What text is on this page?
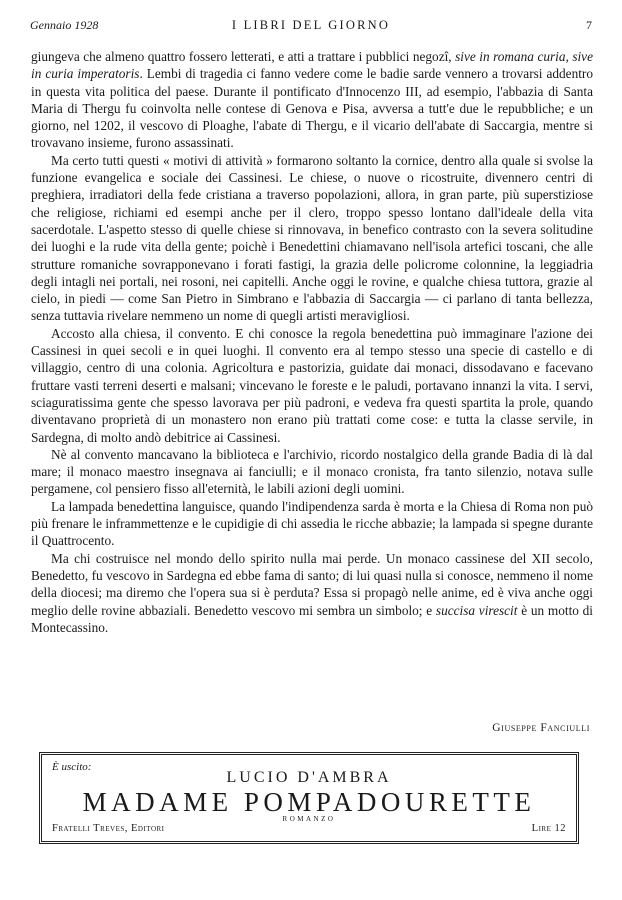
Gennaio 1928	I LIBRI DEL GIORNO	7

giungeva che almeno quattro fossero letterati, e atti a trattare i pubblici negozî, sive in romana curia, sive in curia imperatoris. Lembi di tragedia ci fanno vedere come le badie sarde vennero a trovarsi addentro in questa vita politica del paese. Durante il pontificato d'Innocenzo III, ad esempio, l'abbazia di Santa Maria di Thergu fu coinvolta nelle contese di Genova e Pisa, avversa a tutt'e due le repubbliche; e un giorno, nel 1202, il vescovo di Ploaghe, l'abate di Thergu, e il vicario dell'abate di Saccargia, mentre si trovavano insieme, furono assassinati.

Ma certo tutti questi « motivi di attività » formarono soltanto la cornice, dentro alla quale si svolse la funzione evangelica e sociale dei Cassinesi. Le chiese, o nuove o ricostruite, divennero centri di preghiera, irradiatori della fede cristiana a traverso popolazioni, allora, in gran parte, più superstiziose che religiose, richiami ed esempi anche per il clero, troppo spesso lontano dall'ideale della vita sacerdotale. L'aspetto stesso di quelle chiese si rinnovava, in benefico contrasto con la severa solitudine dei luoghi e la rude vita della gente; poichè i Benedettini chiamavano nell'isola artefici toscani, che alle strutture romaniche sovrapponevano i forati fastigi, la grazia delle policrome colonnine, la leggiadria degli intagli nei portali, nei rosoni, nei capitelli. Anche oggi le rovine, e qualche chiesa tuttora, grazie al cielo, in piedi — come San Pietro in Simbrano e l'abbazia di Saccargia — ci parlano di tanta bellezza, senza tuttavia rivelare nemmeno un nome di quegli artisti meravigliosi.

Accosto alla chiesa, il convento. E chi conosce la regola benedettina può immaginare l'azione dei Cassinesi in quei secoli e in quei luoghi. Il convento era al tempo stesso una specie di castello e di villaggio, centro di una colonia. Agricoltura e pastorizia, guidate dai monaci, dissodavano e facevano fruttare vasti terreni deserti e malsani; vincevano le foreste e le paludi, portavano innanzi la vita. I servi, sciaguratissima gente che spesso lavorava per più padroni, e vedeva fra questi spartita la prole, quando diventavano proprietà di un monastero non erano più trattati come cose: e tutta la classe servile, in Sardegna, di molto andò debitrice ai Cassinesi.

Nè al convento mancavano la biblioteca e l'archivio, ricordo nostalgico della grande Badia di là dal mare; il monaco maestro insegnava ai fanciulli; e il monaco cronista, fra tanto silenzio, notava sulle pergamene, col pensiero fisso all'eternità, le labili azioni degli uomini.

La lampada benedettina languisce, quando l'indipendenza sarda è morta e la Chiesa di Roma non può più frenare le inframmettenze e le cupidigie di chi assedia le ricche abbazie; la lampada si spegne durante il Quattrocento.

Ma chi costruisce nel mondo dello spirito nulla mai perde. Un monaco cassinese del XII secolo, Benedetto, fu vescovo in Sardegna ed ebbe fama di santo; di lui quasi nulla si conosce, nemmeno il nome della diocesi; ma diremo che l'opera sua si è perduta? Essa si propagò nelle anime, ed è viva anche oggi meglio delle rovine abbaziali. Benedetto vescovo mi sembra un simbolo; e succisa virescit è un motto di Montecassino.

Giuseppe Fanciulli
È uscito:
LUCIO D'AMBRA
MADAME POMPADOURETTE
ROMANZO
Fratelli Treves, Editori	Lire 12
